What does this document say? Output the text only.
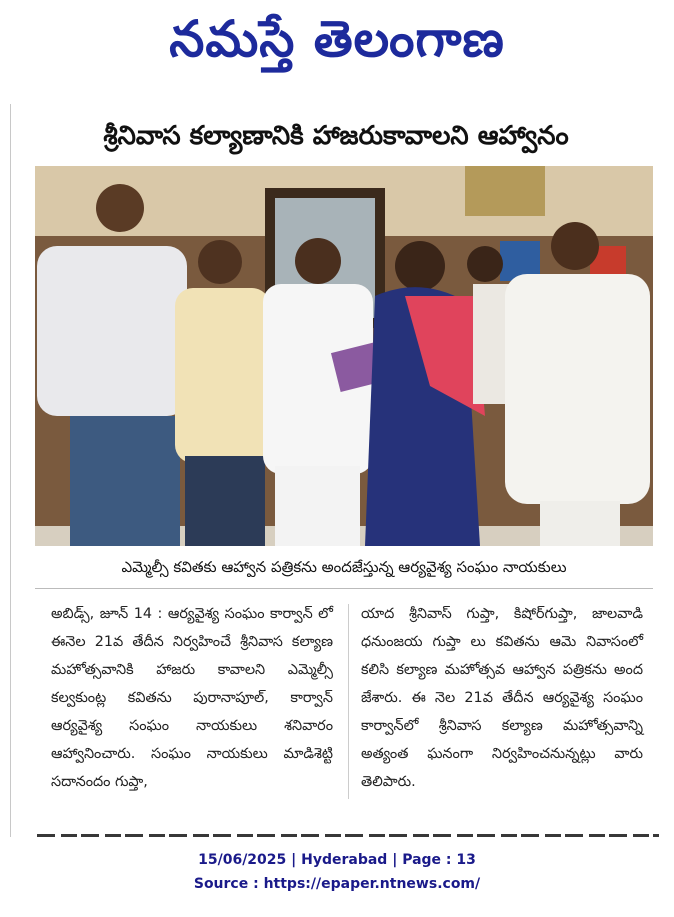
నమస్తే తెలంగాణ
శ్రీనివాస కల్యాణానికి హాజరుకావాలని ఆహ్వానం
ఎమ్మెల్సీ కవితకు ఆహ్వాన పత్రికను అందజేస్తున్న ఆర్యవైశ్య సంఘం నాయకులు

అబిడ్స్, జూన్ 14 : ఆర్యవైశ్య సంఘం కార్వాన్ లో ఈనెల 21వ తేదీన నిర్వహించే శ్రీనివాస కల్యాణ మహోత్సవానికి హాజరు కావాలని ఎమ్మెల్సీ కల్వకుంట్ల కవితను పురానాపూల్, కార్వాన్ ఆర్యవైశ్య సంఘం నాయకులు శనివారం ఆహ్వానించారు. సంఘం నాయకులు మాడిశెట్టి సదానందం గుప్తా,

యాద శ్రీనివాస్ గుప్తా, కిషోర్‌గుప్తా, జాలవాడి ధనుంజయ గుప్తా లు కవితను ఆమె నివాసంలో కలిసి కల్యాణ మహోత్సవ ఆహ్వాన పత్రికను అంద జేశారు. ఈ నెల 21వ తేదీన ఆర్యవైశ్య సంఘం కార్వాన్‌లో శ్రీనివాస కల్యాణ మహోత్సవాన్ని అత్యంత ఘనంగా నిర్వహించనున్నట్లు వారు తెలిపారు.

15/06/2025 | Hyderabad | Page : 13
Source : https://epaper.ntnews.com/
